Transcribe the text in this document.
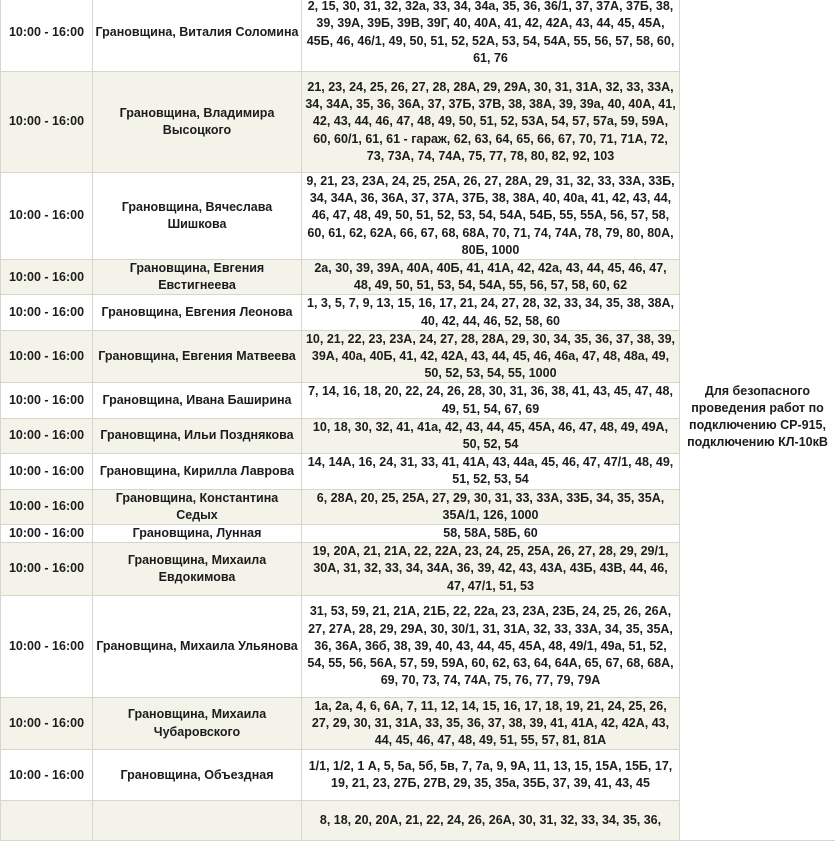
10:00 - 16:00	Грановщина, Виталия Соломина	2, 15, 30, 31, 32, 32а, 33, 34, 34а, 35, 36, 36/1, 37, 37А, 37Б, 38, 39, 39А, 39Б, 39В, 39Г, 40, 40А, 41, 42, 42А, 43, 44, 45, 45А, 45Б, 46, 46/1, 49, 50, 51, 52, 52А, 53, 54, 54А, 55, 56, 57, 58, 60, 61, 76	Для безопасного проведения работ по подключению СР-915, подключению КЛ-10кВ
10:00 - 16:00	Грановщина, Владимира Высоцкого	21, 23, 24, 25, 26, 27, 28, 28А, 29, 29А, 30, 31, 31А, 32, 33, 33А, 34, 34А, 35, 36, 36А, 37, 37Б, 37В, 38, 38А, 39, 39а, 40, 40А, 41, 42, 43, 44, 46, 47, 48, 49, 50, 51, 52, 53А, 54, 57, 57а, 59, 59А, 60, 60/1, 61, 61 - гараж, 62, 63, 64, 65, 66, 67, 70, 71, 71А, 72, 73, 73А, 74, 74А, 75, 77, 78, 80, 82, 92, 103	
10:00 - 16:00	Грановщина, Вячеслава Шишкова	9, 21, 23, 23А, 24, 25, 25А, 26, 27, 28А, 29, 31, 32, 33, 33А, 33Б, 34, 34А, 36, 36А, 37, 37А, 37Б, 38, 38А, 40, 40а, 41, 42, 43, 44, 46, 47, 48, 49, 50, 51, 52, 53, 54, 54А, 54Б, 55, 55А, 56, 57, 58, 60, 61, 62, 62А, 66, 67, 68, 68А, 70, 71, 74, 74А, 78, 79, 80, 80А, 80Б, 1000	
10:00 - 16:00	Грановщина, Евгения Евстигнеева	2а, 30, 39, 39А, 40А, 40Б, 41, 41А, 42, 42а, 43, 44, 45, 46, 47, 48, 49, 50, 51, 53, 54, 54А, 55, 56, 57, 58, 60, 62	
10:00 - 16:00	Грановщина, Евгения Леонова	1, 3, 5, 7, 9, 13, 15, 16, 17, 21, 24, 27, 28, 32, 33, 34, 35, 38, 38А, 40, 42, 44, 46, 52, 58, 60	
10:00 - 16:00	Грановщина, Евгения Матвеева	10, 21, 22, 23, 23А, 24, 27, 28, 28А, 29, 30, 34, 35, 36, 37, 38, 39, 39А, 40а, 40Б, 41, 42, 42А, 43, 44, 45, 46, 46а, 47, 48, 48а, 49, 50, 52, 53, 54, 55, 1000	
10:00 - 16:00	Грановщина, Ивана Баширина	7, 14, 16, 18, 20, 22, 24, 26, 28, 30, 31, 36, 38, 41, 43, 45, 47, 48, 49, 51, 54, 67, 69	
10:00 - 16:00	Грановщина, Ильи Позднякова	10, 18, 30, 32, 41, 41а, 42, 43, 44, 45, 45А, 46, 47, 48, 49, 49А, 50, 52, 54	
10:00 - 16:00	Грановщина, Кирилла Лаврова	14, 14А, 16, 24, 31, 33, 41, 41А, 43, 44а, 45, 46, 47, 47/1, 48, 49, 51, 52, 53, 54	
10:00 - 16:00	Грановщина, Константина Седых	6, 28А, 20, 25, 25А, 27, 29, 30, 31, 33, 33А, 33Б, 34, 35, 35А, 35А/1, 126, 1000	
10:00 - 16:00	Грановщина, Лунная	58, 58А, 58Б, 60	
10:00 - 16:00	Грановщина, Михаила Евдокимова	19, 20А, 21, 21А, 22, 22А, 23, 24, 25, 25А, 26, 27, 28, 29, 29/1, 30А, 31, 32, 33, 34, 34А, 36, 39, 42, 43, 43А, 43Б, 43В, 44, 46, 47, 47/1, 51, 53	
10:00 - 16:00	Грановщина, Михаила Ульянова	31, 53, 59, 21, 21А, 21Б, 22, 22а, 23, 23А, 23Б, 24, 25, 26, 26А, 27, 27А, 28, 29, 29А, 30, 30/1, 31, 31А, 32, 33, 33А, 34, 35, 35А, 36, 36А, 36б, 38, 39, 40, 43, 44, 45, 45А, 48, 49/1, 49а, 51, 52, 54, 55, 56, 56А, 57, 59, 59А, 60, 62, 63, 64, 64А, 65, 67, 68, 68А, 69, 70, 73, 74, 74А, 75, 76, 77, 79, 79А	
10:00 - 16:00	Грановщина, Михаила Чубаровского	1а, 2а, 4, 6, 6А, 7, 11, 12, 14, 15, 16, 17, 18, 19, 21, 24, 25, 26, 27, 29, 30, 31, 31А, 33, 35, 36, 37, 38, 39, 41, 41А, 42, 42А, 43, 44, 45, 46, 47, 48, 49, 51, 55, 57, 81, 81А	
10:00 - 16:00	Грановщина, Объездная	1/1, 1/2, 1 А, 5, 5а, 5б, 5в, 7, 7а, 9, 9А, 11, 13, 15, 15А, 15Б, 17, 19, 21, 23, 27Б, 27В, 29, 35, 35а, 35Б, 37, 39, 41, 43, 45	
		8, 18, 20, 20А, 21, 22, 24, 26, 26А, 30, 31, 32, 33, 34, 35, 36,	
